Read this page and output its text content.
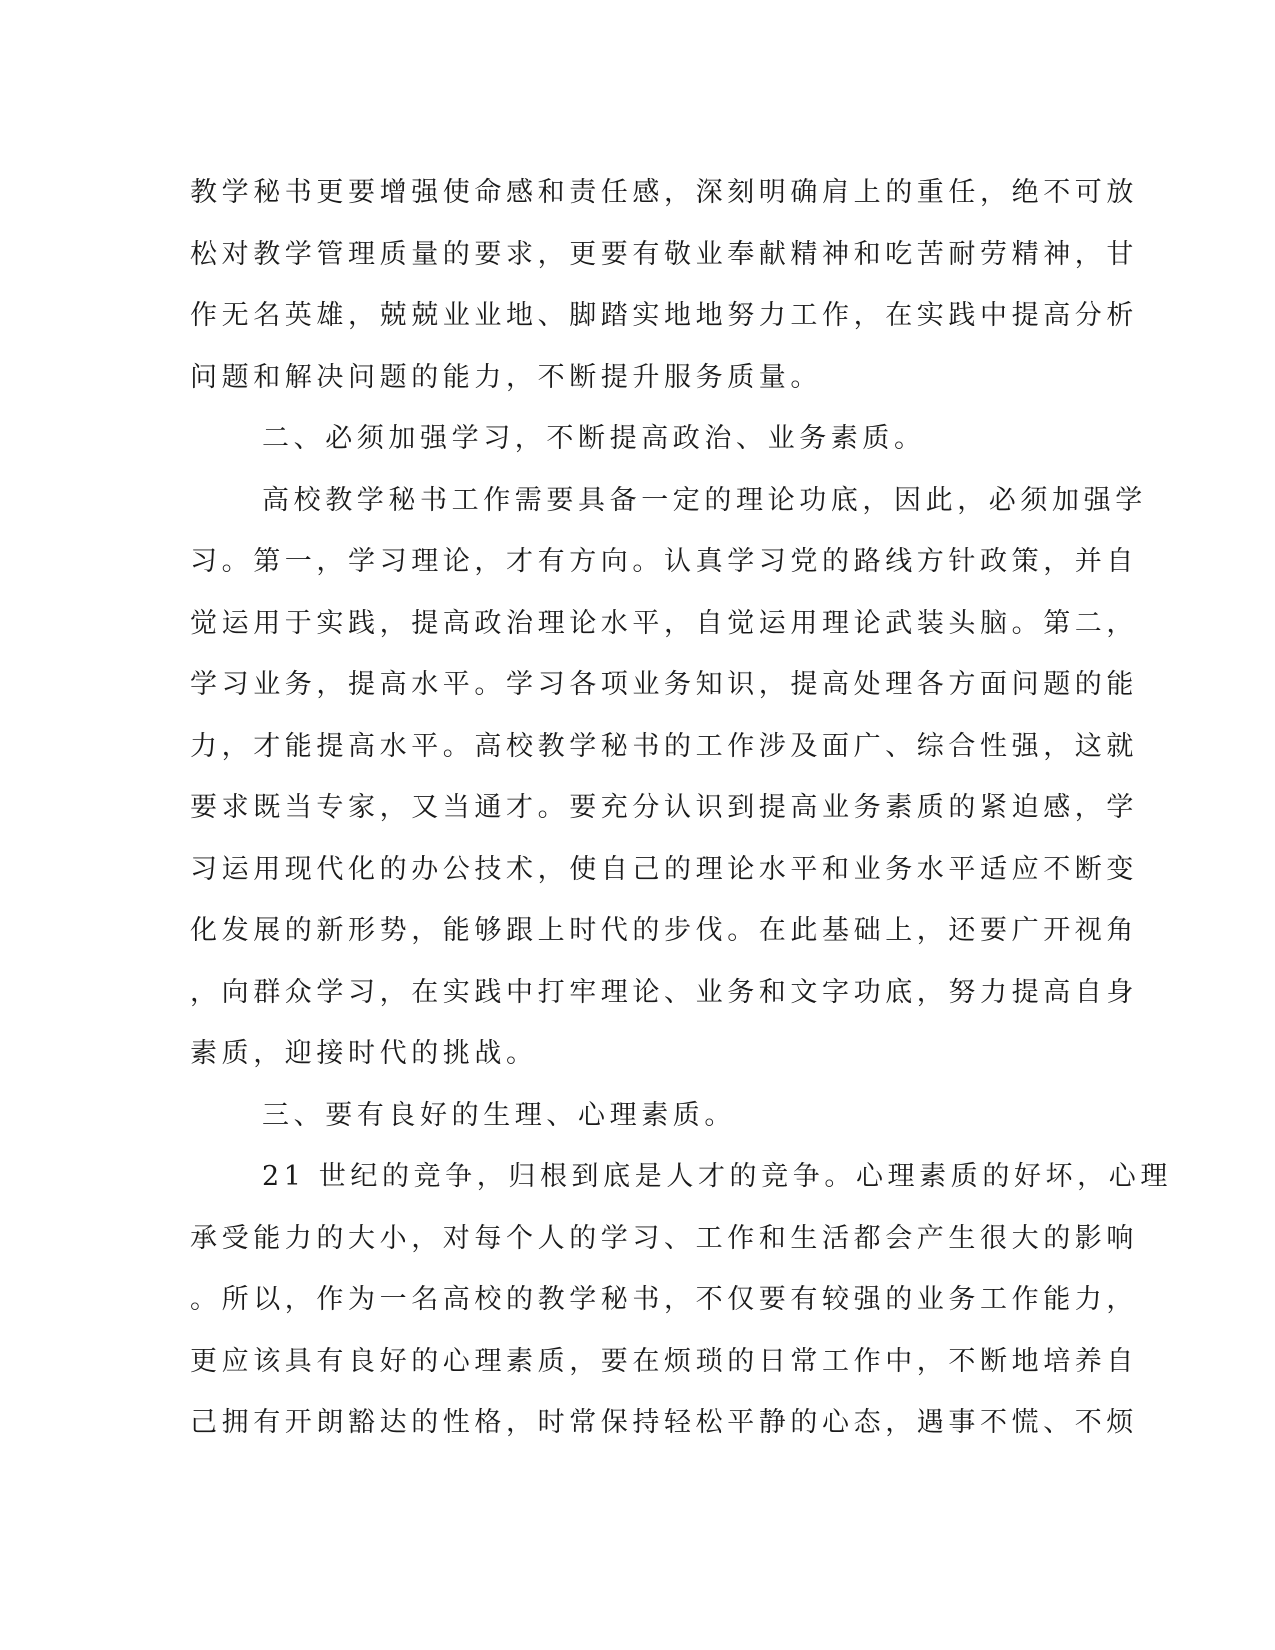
教学秘书更要增强使命感和责任感，深刻明确肩上的重任，绝不可放
松对教学管理质量的要求，更要有敬业奉献精神和吃苦耐劳精神，甘
作无名英雄，兢兢业业地、脚踏实地地努力工作，在实践中提高分析
问题和解决问题的能力，不断提升服务质量。
二、必须加强学习，不断提高政治、业务素质。
高校教学秘书工作需要具备一定的理论功底，因此，必须加强学
习。第一，学习理论，才有方向。认真学习党的路线方针政策，并自
觉运用于实践，提高政治理论水平，自觉运用理论武装头脑。第二，
学习业务，提高水平。学习各项业务知识，提高处理各方面问题的能
力，才能提高水平。高校教学秘书的工作涉及面广、综合性强，这就
要求既当专家，又当通才。要充分认识到提高业务素质的紧迫感，学
习运用现代化的办公技术，使自己的理论水平和业务水平适应不断变
化发展的新形势，能够跟上时代的步伐。在此基础上，还要广开视角
，向群众学习，在实践中打牢理论、业务和文字功底，努力提高自身
素质，迎接时代的挑战。
三、要有良好的生理、心理素质。
21 世纪的竞争，归根到底是人才的竞争。心理素质的好坏，心理
承受能力的大小，对每个人的学习、工作和生活都会产生很大的影响
。所以，作为一名高校的教学秘书，不仅要有较强的业务工作能力，
更应该具有良好的心理素质，要在烦琐的日常工作中，不断地培养自
己拥有开朗豁达的性格，时常保持轻松平静的心态，遇事不慌、不烦
